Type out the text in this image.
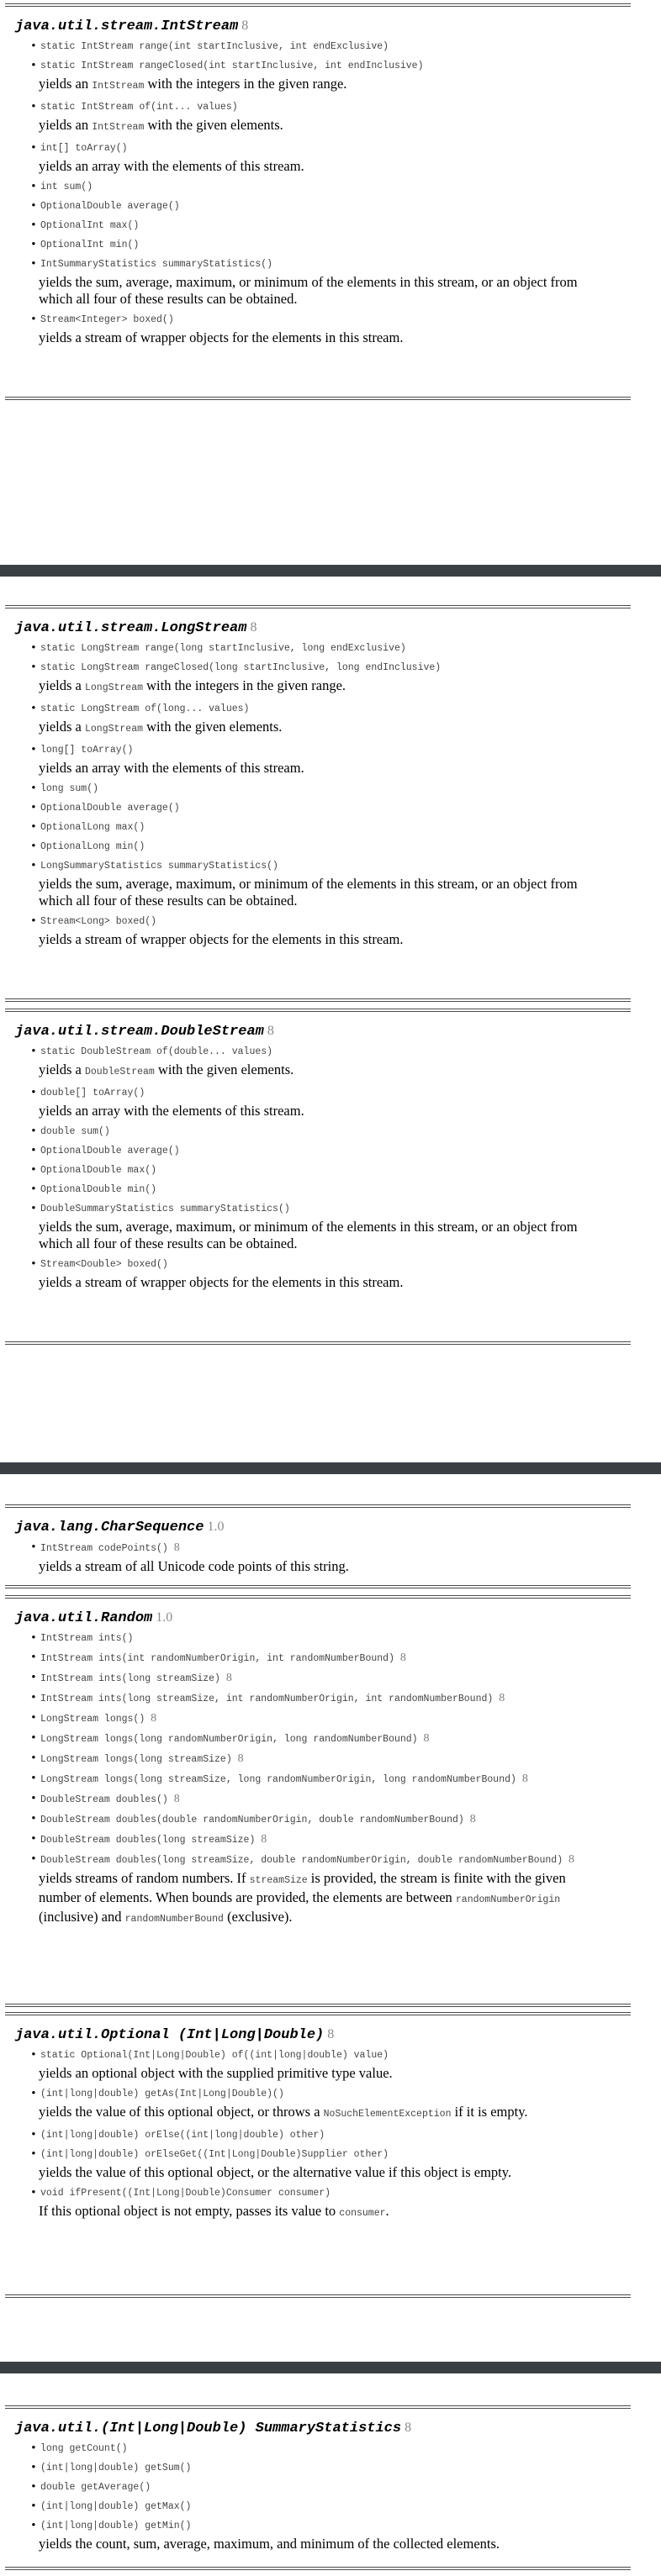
java.util.stream.IntStream 8
• static IntStream range(int startInclusive, int endExclusive)
• static IntStream rangeClosed(int startInclusive, int endInclusive)
yields an IntStream with the integers in the given range.
• static IntStream of(int... values)
yields an IntStream with the given elements.
• int[] toArray()
yields an array with the elements of this stream.
• int sum()
• OptionalDouble average()
• OptionalInt max()
• OptionalInt min()
• IntSummaryStatistics summaryStatistics()
yields the sum, average, maximum, or minimum of the elements in this stream, or an object from which all four of these results can be obtained.
• Stream<Integer> boxed()
yields a stream of wrapper objects for the elements in this stream.
java.util.stream.LongStream 8
• static LongStream range(long startInclusive, long endExclusive)
• static LongStream rangeClosed(long startInclusive, long endInclusive)
yields a LongStream with the integers in the given range.
• static LongStream of(long... values)
yields a LongStream with the given elements.
• long[] toArray()
yields an array with the elements of this stream.
• long sum()
• OptionalDouble average()
• OptionalLong max()
• OptionalLong min()
• LongSummaryStatistics summaryStatistics()
yields the sum, average, maximum, or minimum of the elements in this stream, or an object from which all four of these results can be obtained.
• Stream<Long> boxed()
yields a stream of wrapper objects for the elements in this stream.
java.util.stream.DoubleStream 8
• static DoubleStream of(double... values)
yields a DoubleStream with the given elements.
• double[] toArray()
yields an array with the elements of this stream.
• double sum()
• OptionalDouble average()
• OptionalDouble max()
• OptionalDouble min()
• DoubleSummaryStatistics summaryStatistics()
yields the sum, average, maximum, or minimum of the elements in this stream, or an object from which all four of these results can be obtained.
• Stream<Double> boxed()
yields a stream of wrapper objects for the elements in this stream.
java.lang.CharSequence 1.0
• IntStream codePoints() 8
yields a stream of all Unicode code points of this string.
java.util.Random 1.0
• IntStream ints()
• IntStream ints(int randomNumberOrigin, int randomNumberBound) 8
• IntStream ints(long streamSize) 8
• IntStream ints(long streamSize, int randomNumberOrigin, int randomNumberBound) 8
• LongStream longs() 8
• LongStream longs(long randomNumberOrigin, long randomNumberBound) 8
• LongStream longs(long streamSize) 8
• LongStream longs(long streamSize, long randomNumberOrigin, long randomNumberBound) 8
• DoubleStream doubles() 8
• DoubleStream doubles(double randomNumberOrigin, double randomNumberBound) 8
• DoubleStream doubles(long streamSize) 8
• DoubleStream doubles(long streamSize, double randomNumberOrigin, double randomNumberBound) 8
yields streams of random numbers. If streamSize is provided, the stream is finite with the given number of elements. When bounds are provided, the elements are between randomNumberOrigin (inclusive) and randomNumberBound (exclusive).
java.util.Optional (Int|Long|Double) 8
• static Optional(Int|Long|Double) of((int|long|double) value)
yields an optional object with the supplied primitive type value.
• (int|long|double) getAs(Int|Long|Double)()
yields the value of this optional object, or throws a NoSuchElementException if it is empty.
• (int|long|double) orElse((int|long|double) other)
• (int|long|double) orElseGet((Int|Long|Double)Supplier other)
yields the value of this optional object, or the alternative value if this object is empty.
• void ifPresent((Int|Long|Double)Consumer consumer)
If this optional object is not empty, passes its value to consumer.
java.util.(Int|Long|Double) SummaryStatistics 8
• long getCount()
• (int|long|double) getSum()
• double getAverage()
• (int|long|double) getMax()
• (int|long|double) getMin()
yields the count, sum, average, maximum, and minimum of the collected elements.
